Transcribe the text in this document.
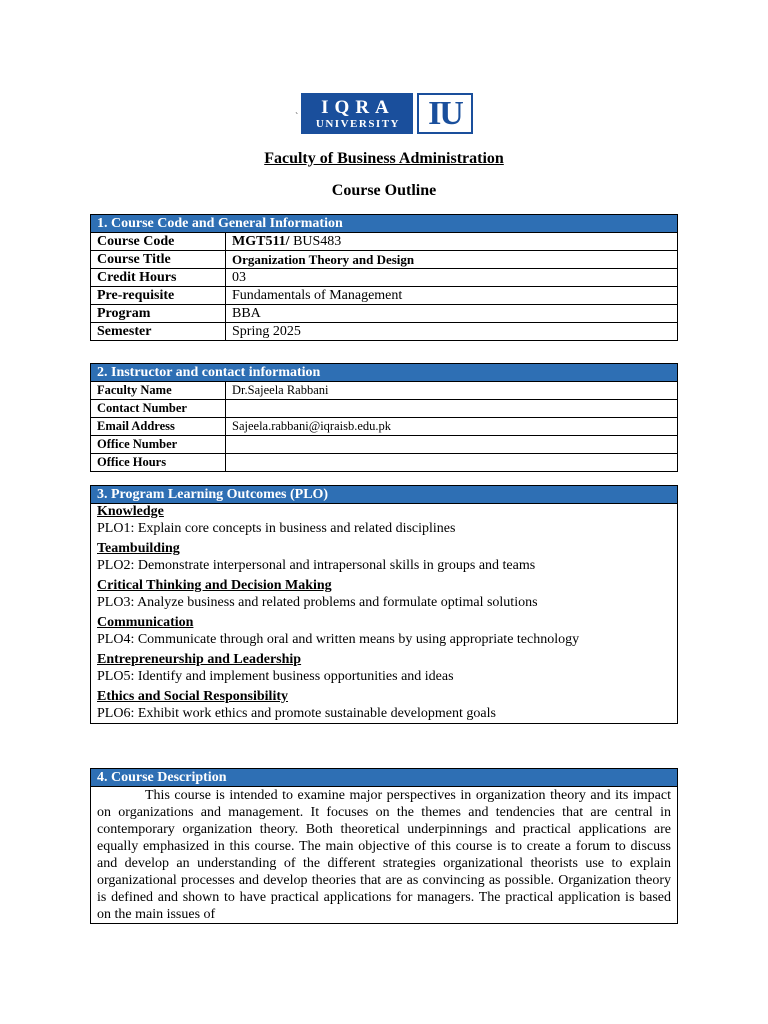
IQRA
UNIVERSITY IU
`
Faculty of Business Administration
Course Outline
1. Course Code and General Information	
Course Code	MGT511/ BUS483
Course Title	Organization Theory and Design
Credit Hours	03
Pre-requisite	Fundamentals of Management
Program	BBA
Semester	Spring 2025
2. Instructor and contact information	
Faculty Name	Dr.Sajeela Rabbani
Contact Number	
Email Address	Sajeela.rabbani@iqraisb.edu.pk
Office Number	
Office Hours	
3. Program Learning Outcomes (PLO)

Knowledge
PLO1: Explain core concepts in business and related disciplines
Teambuilding
PLO2: Demonstrate interpersonal and intrapersonal skills in groups and teams
Critical Thinking and Decision Making
PLO3: Analyze business and related problems and formulate optimal solutions
Communication
PLO4: Communicate through oral and written means by using appropriate technology
Entrepreneurship and Leadership
PLO5: Identify and implement business opportunities and ideas
Ethics and Social Responsibility
PLO6: Exhibit work ethics and promote sustainable development goals
4. Course Description

This course is intended to examine major perspectives in organization theory and its impact on organizations and management. It focuses on the themes and tendencies that are central in contemporary organization theory. Both theoretical underpinnings and practical applications are equally emphasized in this course. The main objective of this course is to create a forum to discuss and develop an understanding of the different strategies organizational theorists use to explain organizational processes and develop theories that are as convincing as possible. Organization theory is defined and shown to have practical applications for managers. The practical application is based on the main issues of
